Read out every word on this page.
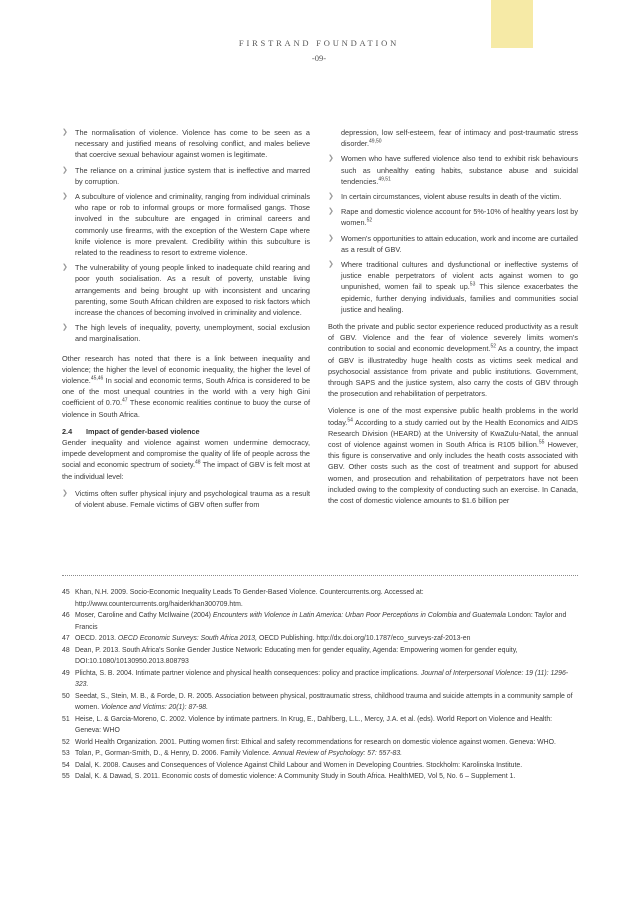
FIRSTRAND FOUNDATION
-09-
❯ The normalisation of violence. Violence has come to be seen as a necessary and justified means of resolving conflict, and males believe that coercive sexual behaviour against women is legitimate.
❯ The reliance on a criminal justice system that is ineffective and marred by corruption.
❯ A subculture of violence and criminality, ranging from individual criminals who rape or rob to informal groups or more formalised gangs. Those involved in the subculture are engaged in criminal careers and commonly use firearms, with the exception of the Western Cape where knife violence is more prevalent. Credibility within this subculture is related to the readiness to resort to extreme violence.
❯ The vulnerability of young people linked to inadequate child rearing and poor youth socialisation. As a result of poverty, unstable living arrangements and being brought up with inconsistent and uncaring parenting, some South African children are exposed to risk factors which increase the chances of becoming involved in criminality and violence.
❯ The high levels of inequality, poverty, unemployment, social exclusion and marginalisation.

Other research has noted that there is a link between inequality and violence; the higher the level of economic inequality, the higher the level of violence.$^{45,46}$ In social and economic terms, South Africa is considered to be one of the most unequal countries in the world with a very high Gini coefficient of 0.70.47 These economic realities continue to buoy the curse of violence in South Africa.

2.4 Impact of gender-based violence

Gender inequality and violence against women undermine democracy, impede development and compromise the quality of life of people across the social and economic spectrum of society.$^{48}$ The impact of GBV is felt most at the individual level:

❯ Victims often suffer physical injury and psychological trauma as a result of violent abuse. Female victims of GBV often suffer from
depression, low self-esteem, fear of intimacy and post-traumatic stress disorder.$^{49,50}$
❯ Women who have suffered violence also tend to exhibit risk behaviours such as unhealthy eating habits, substance abuse and suicidal tendencies.$^{49,51}$
❯ In certain circumstances, violent abuse results in death of the victim.
❯ Rape and domestic violence account for 5%-10% of healthy years lost by women.$^{52}$
❯ Women's opportunities to attain education, work and income are curtailed as a result of GBV.
❯ Where traditional cultures and dysfunctional or ineffective systems of justice enable perpetrators of violent acts against women to go unpunished, women fail to speak up.$^{53}$ This silence exacerbates the epidemic, further denying individuals, families and communities social justice and healing.

Both the private and public sector experience reduced productivity as a result of GBV. Violence and the fear of violence severely limits women's contribution to social and economic development.$^{52}$ As a country, the impact of GBV is illustratedby huge health costs as victims seek medical and psychosocial assistance from private and public institutions. Government, through SAPS and the justice system, also carry the costs of GBV through the prosecution and rehabilitation of perpetrators.

Violence is one of the most expensive public health problems in the world today.$^{54}$ According to a study carried out by the Health Economics and AIDS Research Division (HEARD) at the University of KwaZulu-Natal, the annual cost of violence against women in South Africa is R105 billion.$^{55}$ However, this figure is conservative and only includes the heath costs associated with GBV. Other costs such as the cost of treatment and support for abused women, and prosecution and rehabilitation of perpetrators have not been included owing to the complexity of conducting such an exercise. In Canada, the cost of domestic violence amounts to $1.6 billion per

45 Khan, N.H. 2009. Socio-Economic Inequality Leads To Gender-Based Violence. Countercurrents.org. Accessed at: http://www.countercurrents.org/haiderkhan300709.htm.
46 Moser, Caroline and Cathy McIlwaine (2004) Encounters with Violence in Latin America: Urban Poor Perceptions in Colombia and Guatemala London: Taylor and Francis
47 OECD. 2013. OECD Economic Surveys: South Africa 2013, OECD Publishing. http://dx.doi.org/10.1787/eco_surveys-zaf-2013-en
48 Dean, P. 2013. South Africa's Sonke Gender Justice Network: Educating men for gender equality, Agenda: Empowering women for gender equity, DOI:10.1080/10130950.2013.808793
49 Plichta, S. B. 2004. Intimate partner violence and physical health consequences: policy and practice implications. Journal of Interpersonal Violence: 19 (11): 1296-323.
50 Seedat, S., Stein, M. B., & Forde, D. R. 2005. Association between physical, posttraumatic stress, childhood trauma and suicide attempts in a community sample of women. Violence and Victims: 20(1): 87-98.
51 Heise, L. & Garcia-Moreno, C. 2002. Violence by intimate partners. In Krug, E., Dahlberg, L.L., Mercy, J.A. et al. (eds). World Report on Violence and Health: Geneva: WHO
52 World Health Organization. 2001. Putting women first: Ethical and safety recommendations for research on domestic violence against women. Geneva: WHO.
53 Tolan, P., Gorman-Smith, D., & Henry, D. 2006. Family Violence. Annual Review of Psychology: 57: 557-83.
54 Dalal, K. 2008. Causes and Consequences of Violence Against Child Labour and Women in Developing Countries. Stockholm: Karolinska Institute.
55 Dalal, K. & Dawad, S. 2011. Economic costs of domestic violence: A Community Study in South Africa. HealthMED, Vol 5, No. 6 – Supplement 1.
